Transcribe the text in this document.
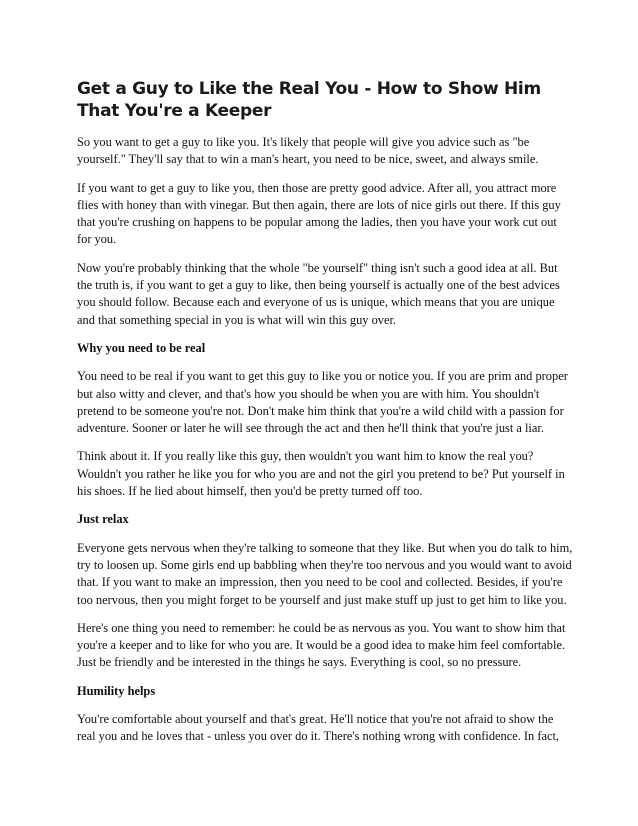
Get a Guy to Like the Real You - How to Show Him That You're a Keeper

So you want to get a guy to like you. It's likely that people will give you advice such as "be yourself." They'll say that to win a man's heart, you need to be nice, sweet, and always smile.

If you want to get a guy to like you, then those are pretty good advice. After all, you attract more flies with honey than with vinegar. But then again, there are lots of nice girls out there. If this guy that you're crushing on happens to be popular among the ladies, then you have your work cut out for you.

Now you're probably thinking that the whole "be yourself" thing isn't such a good idea at all. But the truth is, if you want to get a guy to like, then being yourself is actually one of the best advices you should follow. Because each and everyone of us is unique, which means that you are unique and that something special in you is what will win this guy over.

Why you need to be real

You need to be real if you want to get this guy to like you or notice you. If you are prim and proper but also witty and clever, and that's how you should be when you are with him. You shouldn't pretend to be someone you're not. Don't make him think that you're a wild child with a passion for adventure. Sooner or later he will see through the act and then he'll think that you're just a liar.

Think about it. If you really like this guy, then wouldn't you want him to know the real you? Wouldn't you rather he like you for who you are and not the girl you pretend to be? Put yourself in his shoes. If he lied about himself, then you'd be pretty turned off too.

Just relax

Everyone gets nervous when they're talking to someone that they like. But when you do talk to him, try to loosen up. Some girls end up babbling when they're too nervous and you would want to avoid that. If you want to make an impression, then you need to be cool and collected. Besides, if you're too nervous, then you might forget to be yourself and just make stuff up just to get him to like you.

Here's one thing you need to remember: he could be as nervous as you. You want to show him that you're a keeper and to like for who you are. It would be a good idea to make him feel comfortable. Just be friendly and be interested in the things he says. Everything is cool, so no pressure.

Humility helps

You're comfortable about yourself and that's great. He'll notice that you're not afraid to show the real you and he loves that - unless you over do it. There's nothing wrong with confidence. In fact,
